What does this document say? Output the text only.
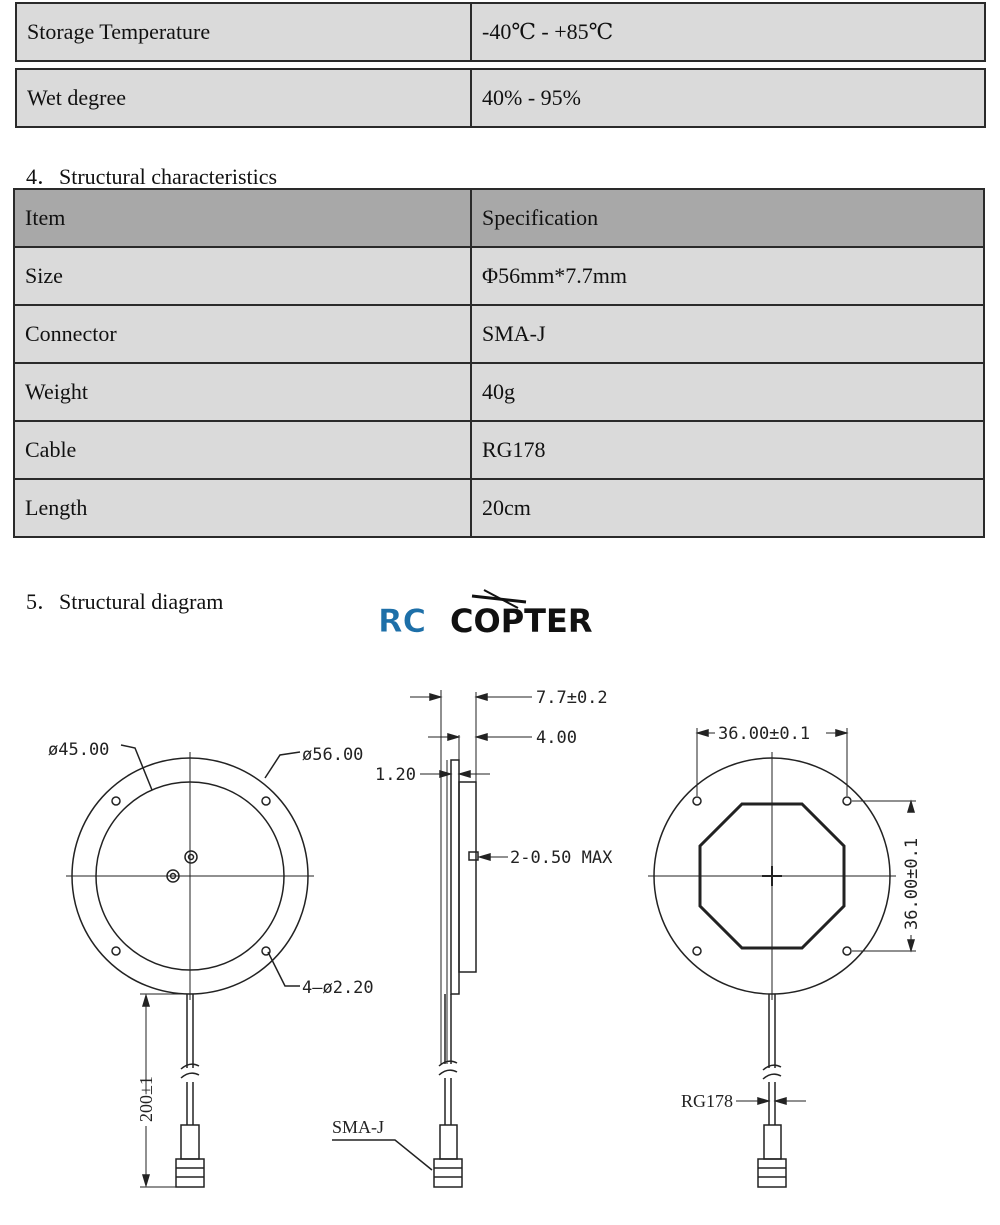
Storage Temperature	-40℃ - +85℃
Wet degree	40% - 95%
4．Structural characteristics
Item	Specification
Size	Φ56mm*7.7mm
Connector	SMA-J
Weight	40g
Cable	RG178
Length	20cm
5．Structural diagram
RC COPTER
ø45.00	ø56.00
4–ø2.20
200±1
7.7±0.2
4.00
1.20
2-0.50 MAX
SMA-J
36.00±0.1
36.00±0.1
RG178
